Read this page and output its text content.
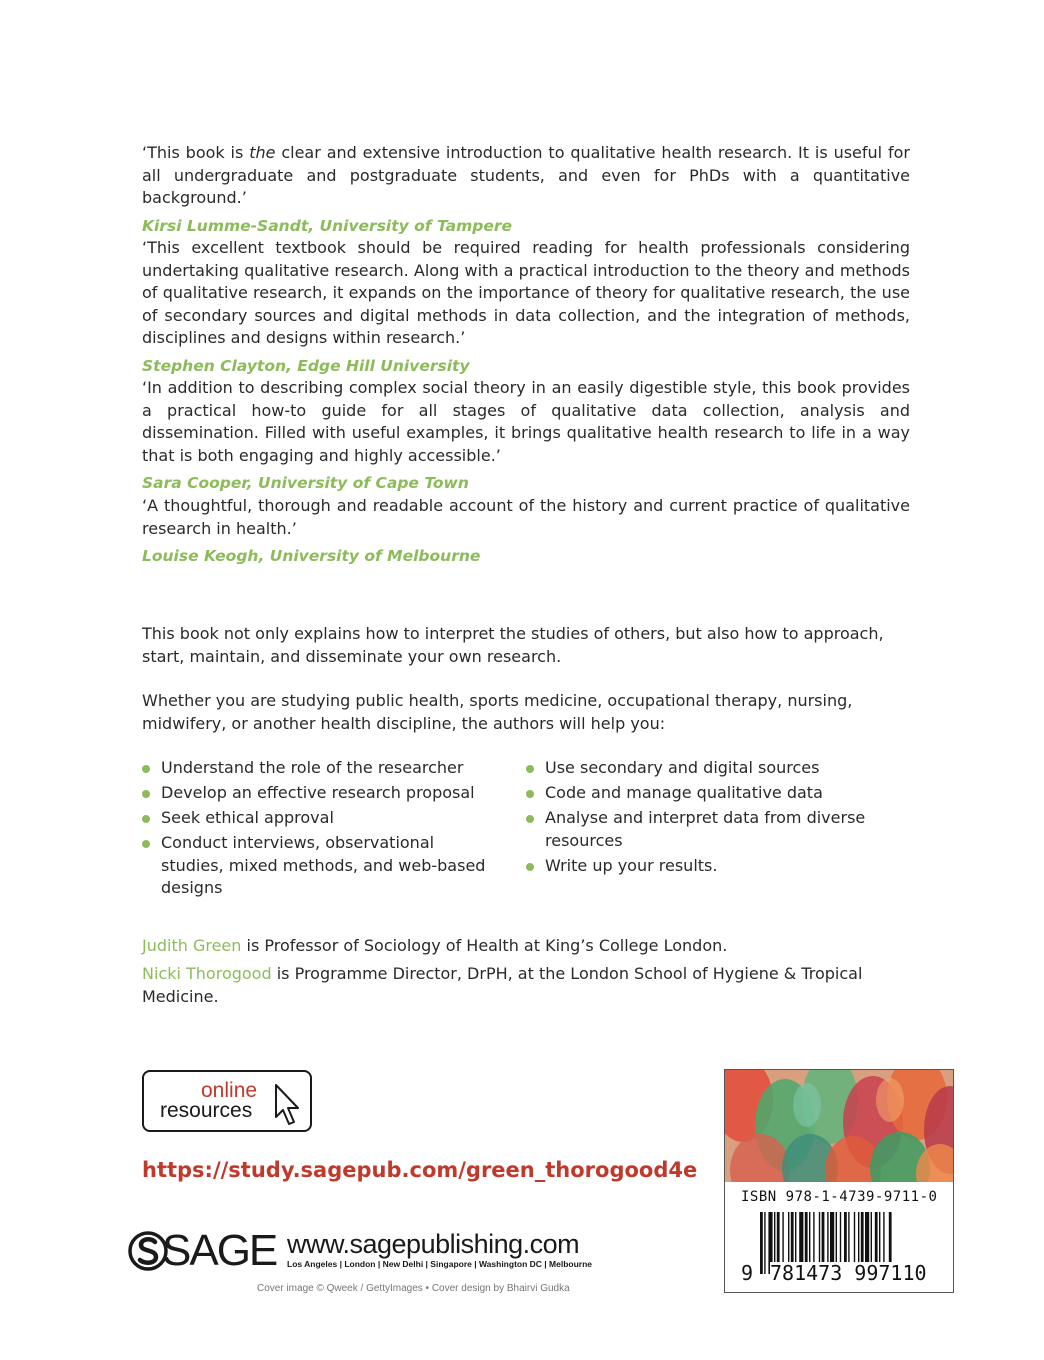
‘This book is the clear and extensive introduction to qualitative health research. It is useful for all undergraduate and postgraduate students, and even for PhDs with a quantitative background.’

Kirsi Lumme-Sandt, University of Tampere

‘This excellent textbook should be required reading for health professionals considering undertaking qualitative research. Along with a practical introduction to the theory and methods of qualitative research, it expands on the importance of theory for qualitative research, the use of secondary sources and digital methods in data collection, and the integration of methods, disciplines and designs within research.’

Stephen Clayton, Edge Hill University

‘In addition to describing complex social theory in an easily digestible style, this book provides a practical how-to guide for all stages of qualitative data collection, analysis and dissemination. Filled with useful examples, it brings qualitative health research to life in a way that is both engaging and highly accessible.’

Sara Cooper, University of Cape Town

‘A thoughtful, thorough and readable account of the history and current practice of qualitative research in health.’

Louise Keogh, University of Melbourne

This book not only explains how to interpret the studies of others, but also how to approach, start, maintain, and disseminate your own research.

Whether you are studying public health, sports medicine, occupational therapy, nursing, midwifery, or another health discipline, the authors will help you:

Understand the role of the researcher
Develop an effective research proposal
Seek ethical approval
Conduct interviews, observational studies, mixed methods, and web-based designs
Use secondary and digital sources
Code and manage qualitative data
Analyse and interpret data from diverse resources
Write up your results.

Judith Green is Professor of Sociology of Health at King’s College London.

Nicki Thorogood is Programme Director, DrPH, at the London School of Hygiene & Tropical Medicine.

online
resources
https://study.sagepub.com/green_thorogood4e
SAGE www.sagepublishing.com
Los Angeles | London | New Delhi | Singapore | Washington DC | Melbourne
Cover image © Qweek / GettyImages • Cover design by Bhairvi Gudka
ISBN 978-1-4739-9711-0
9 781473 997110
